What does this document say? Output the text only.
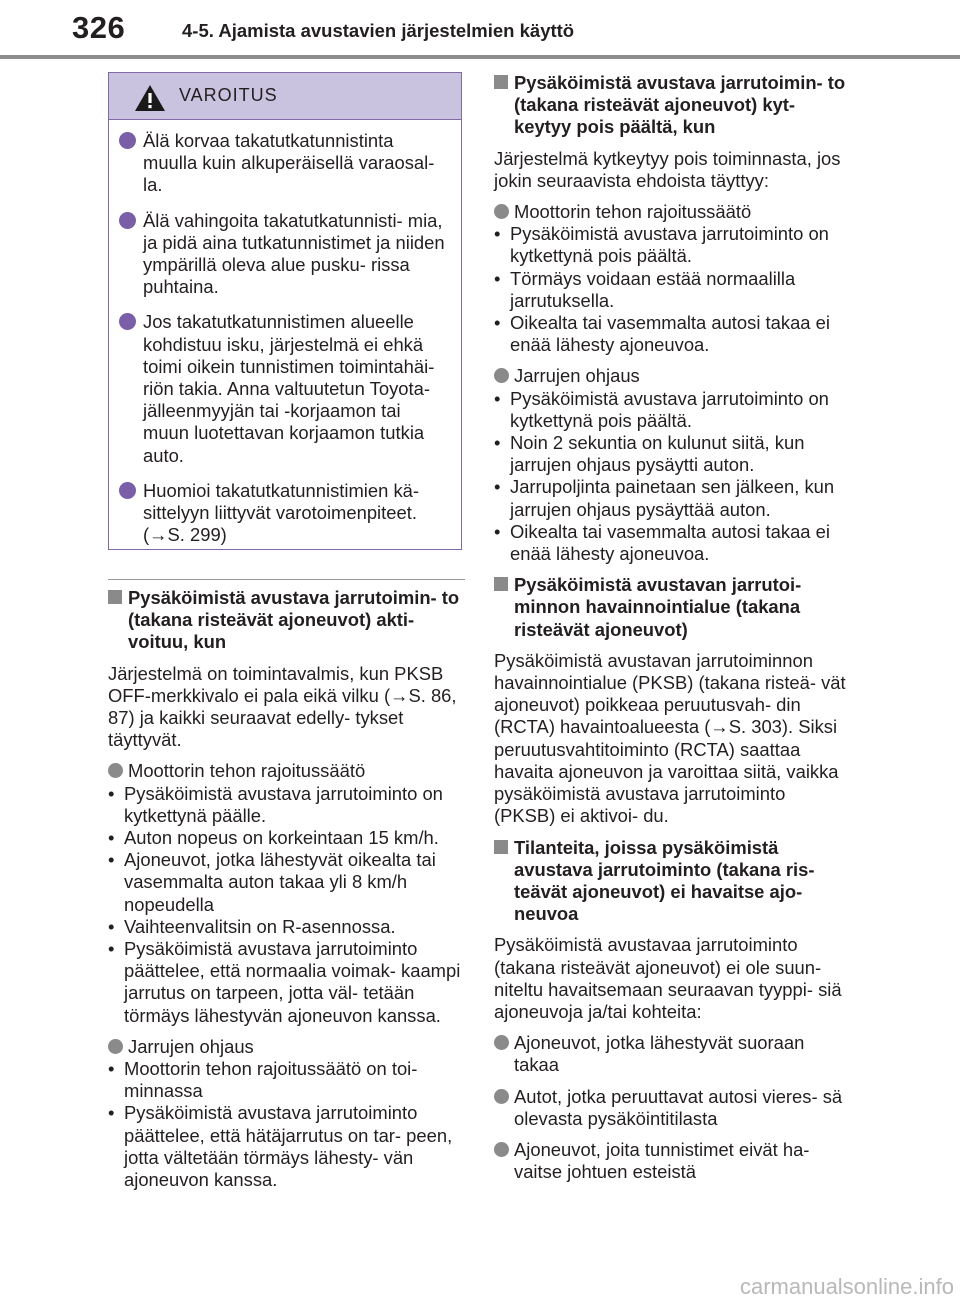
326	4-5. Ajamista avustavien järjestelmien käyttö
VAROITUS
Älä korvaa takatutkatunnistinta muulla kuin alkuperäisellä varaosal- la.
Älä vahingoita takatutkatunnisti- mia, ja pidä aina tutkatunnistimet ja niiden ympärillä oleva alue pusku- rissa puhtaina.
Jos takatutkatunnistimen alueelle kohdistuu isku, järjestelmä ei ehkä toimi oikein tunnistimen toimintahäi- riön takia. Anna valtuutetun Toyota- jälleenmyyjän tai -korjaamon tai muun luotettavan korjaamon tutkia auto.
Huomioi takatutkatunnistimien kä- sittelyyn liittyvät varotoimenpiteet. (→S. 299)
Pysäköimistä avustava jarrutoimin- to (takana risteävät ajoneuvot) akti- voituu, kun
Järjestelmä on toimintavalmis, kun PKSB OFF-merkkivalo ei pala eikä vilku (→S. 86, 87) ja kaikki seuraavat edelly- tykset täyttyvät.
Moottorin tehon rajoitussäätö
• Pysäköimistä avustava jarrutoiminto on kytkettynä päälle.
• Auton nopeus on korkeintaan 15 km/h.
• Ajoneuvot, jotka lähestyvät oikealta tai vasemmalta auton takaa yli 8 km/h nopeudella
• Vaihteenvalitsin on R-asennossa.
• Pysäköimistä avustava jarrutoiminto päättelee, että normaalia voimak- kaampi jarrutus on tarpeen, jotta väl- tetään törmäys lähestyvän ajoneuvon kanssa.
Jarrujen ohjaus
• Moottorin tehon rajoitussäätö on toi- minnassa
• Pysäköimistä avustava jarrutoiminto päättelee, että hätäjarrutus on tar- peen, jotta vältetään törmäys lähesty- vän ajoneuvon kanssa.
Pysäköimistä avustava jarrutoimin- to (takana risteävät ajoneuvot) kyt- keytyy pois päältä, kun
Järjestelmä kytkeytyy pois toiminnasta, jos jokin seuraavista ehdoista täyttyy:
Moottorin tehon rajoitussäätö
• Pysäköimistä avustava jarrutoiminto on kytkettynä pois päältä.
• Törmäys voidaan estää normaalilla jarrutuksella.
• Oikealta tai vasemmalta autosi takaa ei enää lähesty ajoneuvoa.
Jarrujen ohjaus
• Pysäköimistä avustava jarrutoiminto on kytkettynä pois päältä.
• Noin 2 sekuntia on kulunut siitä, kun jarrujen ohjaus pysäytti auton.
• Jarrupoljinta painetaan sen jälkeen, kun jarrujen ohjaus pysäyttää auton.
• Oikealta tai vasemmalta autosi takaa ei enää lähesty ajoneuvoa.
Pysäköimistä avustavan jarrutoi- minnon havainnointialue (takana risteävät ajoneuvot)
Pysäköimistä avustavan jarrutoiminnon havainnointialue (PKSB) (takana risteä- vät ajoneuvot) poikkeaa peruutusvah- din (RCTA) havaintoalueesta (→S. 303). Siksi peruutusvahtitoiminto (RCTA) saattaa havaita ajoneuvon ja varoittaa siitä, vaikka pysäköimistä avustava jarrutoiminto (PKSB) ei aktivoi- du.
Tilanteita, joissa pysäköimistä avustava jarrutoiminto (takana ris- teävät ajoneuvot) ei havaitse ajo- neuvoa
Pysäköimistä avustavaa jarrutoiminto (takana risteävät ajoneuvot) ei ole suun- niteltu havaitsemaan seuraavan tyyppi- siä ajoneuvoja ja/tai kohteita:
Ajoneuvot, jotka lähestyvät suoraan takaa
Autot, jotka peruuttavat autosi vieres- sä olevasta pysäköintitilasta
Ajoneuvot, joita tunnistimet eivät ha- vaitse johtuen esteistä
carmanualsonline.info
